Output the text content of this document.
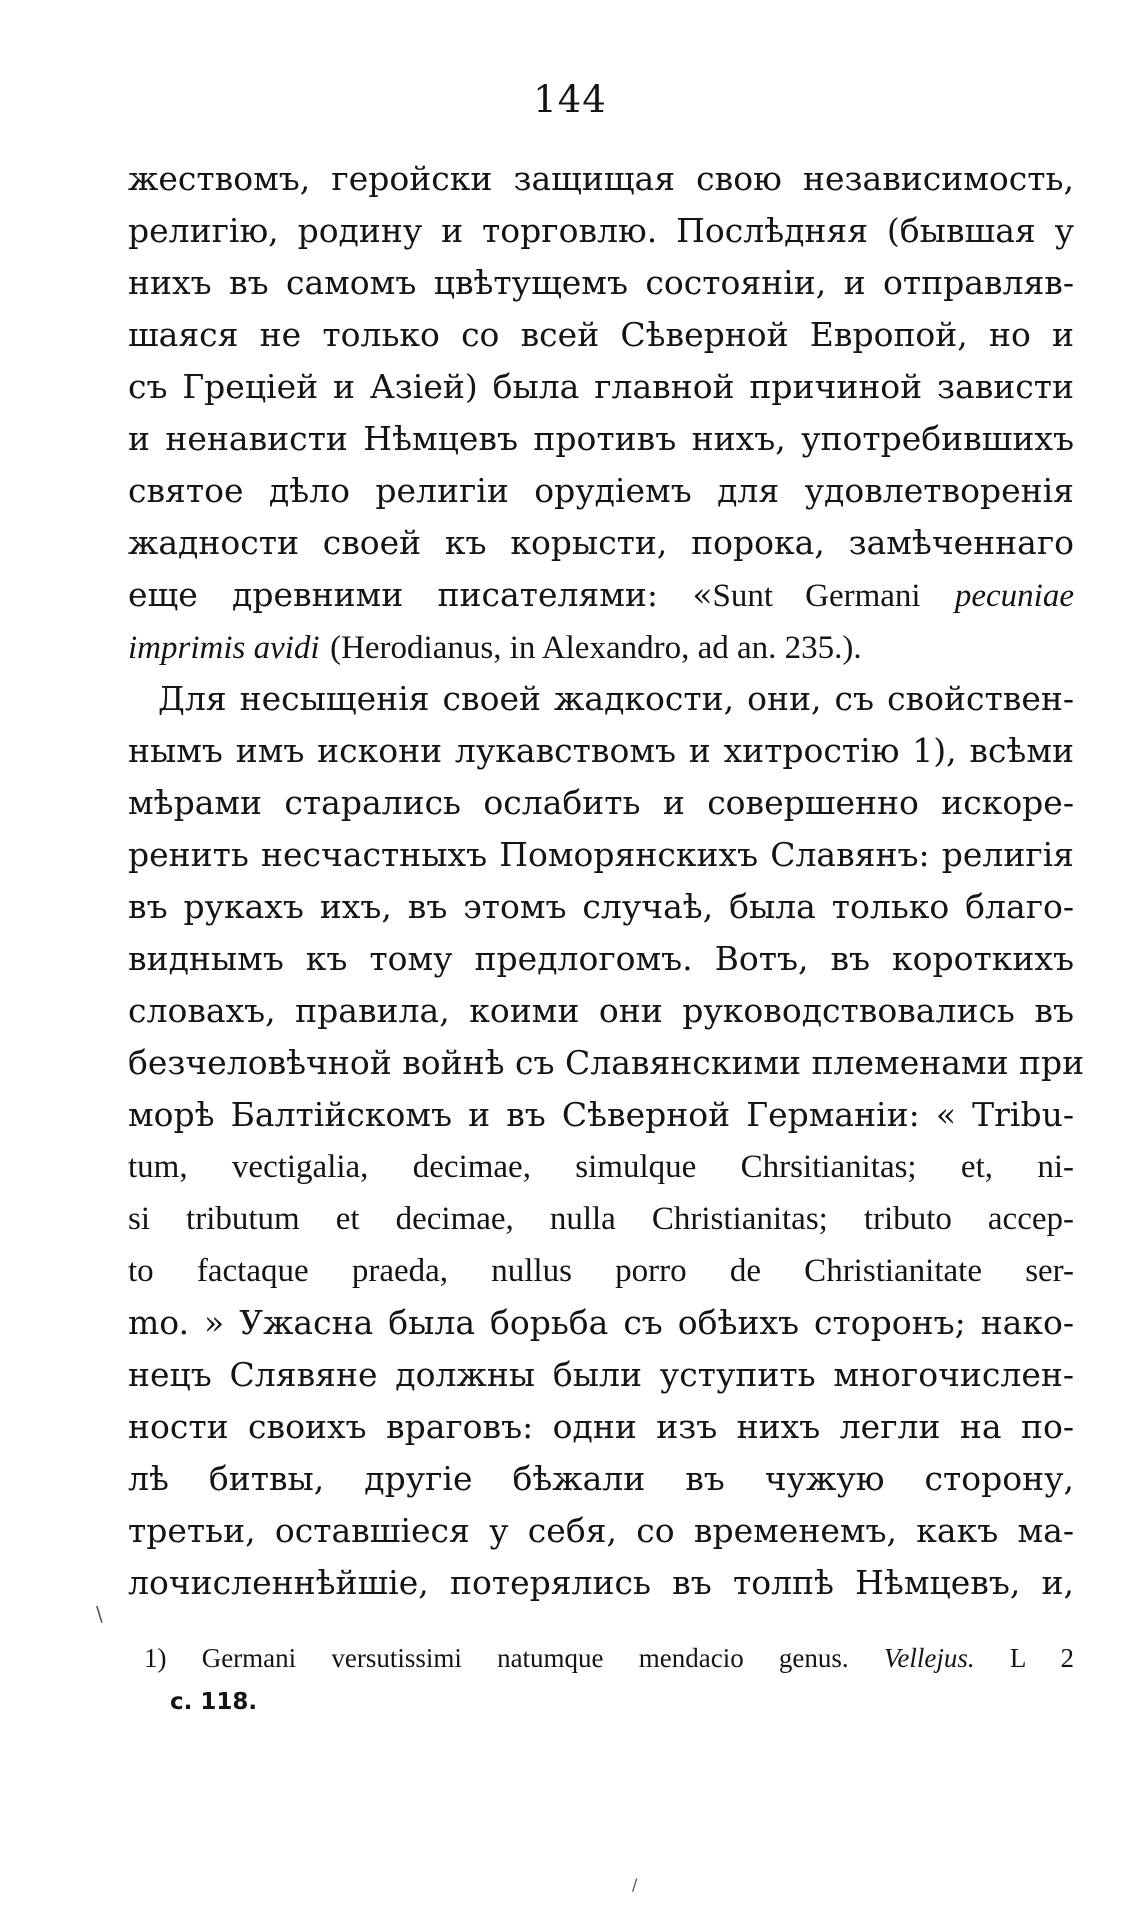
144
жествомъ, геройски защищая свою независимость,
религію, родину и торговлю. Послѣдняя (бывшая у
нихъ въ самомъ цвѣтущемъ состояніи, и отправляв-
шаяся не только со всей Сѣверной Европой, но и
съ Греціей и Азіей) была главной причиной зависти
и ненависти Нѣмцевъ противъ нихъ, употребившихъ
святое дѣло религіи орудіемъ для удовлетворенія
жадности своей къ корысти, порока, замѣченнаго
еще древними писателями: «Sunt Germani pecuniae
imprimis avidi (Herodianus, in Alexandro, ad an. 235.).
Для несыщенія своей жадкости, они, съ свойствен-
нымъ имъ искони лукавствомъ и хитростію 1), всѣми
мѣрами старались ослабить и совершенно искоре-
ренить несчастныхъ Поморянскихъ Славянъ: религія
въ рукахъ ихъ, въ этомъ случаѣ, была только благо-
виднымъ къ тому предлогомъ. Вотъ, въ короткихъ
словахъ, правила, коими они руководствовались въ
безчеловѣчной войнѣ съ Славянскими племенами при
морѣ Балтійскомъ и въ Сѣверной Германіи: « Tribu-
tum, vectigalia, decimae, simulque Chrsitianitas; et, ni-
si tributum et decimae, nulla Christianitas; tributo accep-
to factaque praeda, nullus porro de Christianitate ser-
mo. » Ужасна была борьба съ обѣихъ сторонъ; нако-
нецъ Слявяне должны были уступить многочислен-
ности своихъ враговъ: одни изъ нихъ легли на по-
лѣ битвы, другіе бѣжали въ чужую сторону,
третьи, оставшіеся у себя, со временемъ, какъ ма-
лочисленнѣйшіе, потерялись въ толпѣ Нѣмцевъ, и,
\
1) Germani versutissimi natumque mendacio genus. Vellejus. L 2
c. 118.
/
